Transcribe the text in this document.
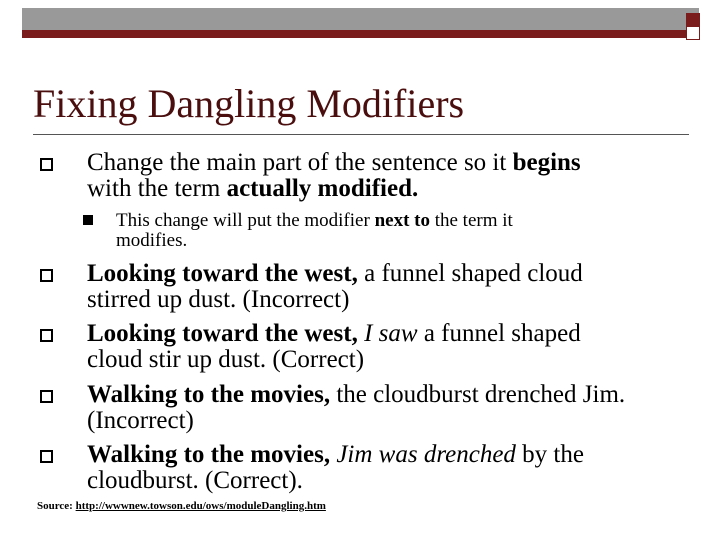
Fixing Dangling Modifiers
Change the main part of the sentence so it begins
with the term actually modified.
This change will put the modifier next to the term it
modifies.
Looking toward the west, a funnel shaped cloud
stirred up dust. (Incorrect)
Looking toward the west, I saw a funnel shaped
cloud stir up dust. (Correct)
Walking to the movies, the cloudburst drenched Jim.
(Incorrect)
Walking to the movies, Jim was drenched by the
cloudburst. (Correct).
Source: http://wwwnew.towson.edu/ows/moduleDangling.htm
